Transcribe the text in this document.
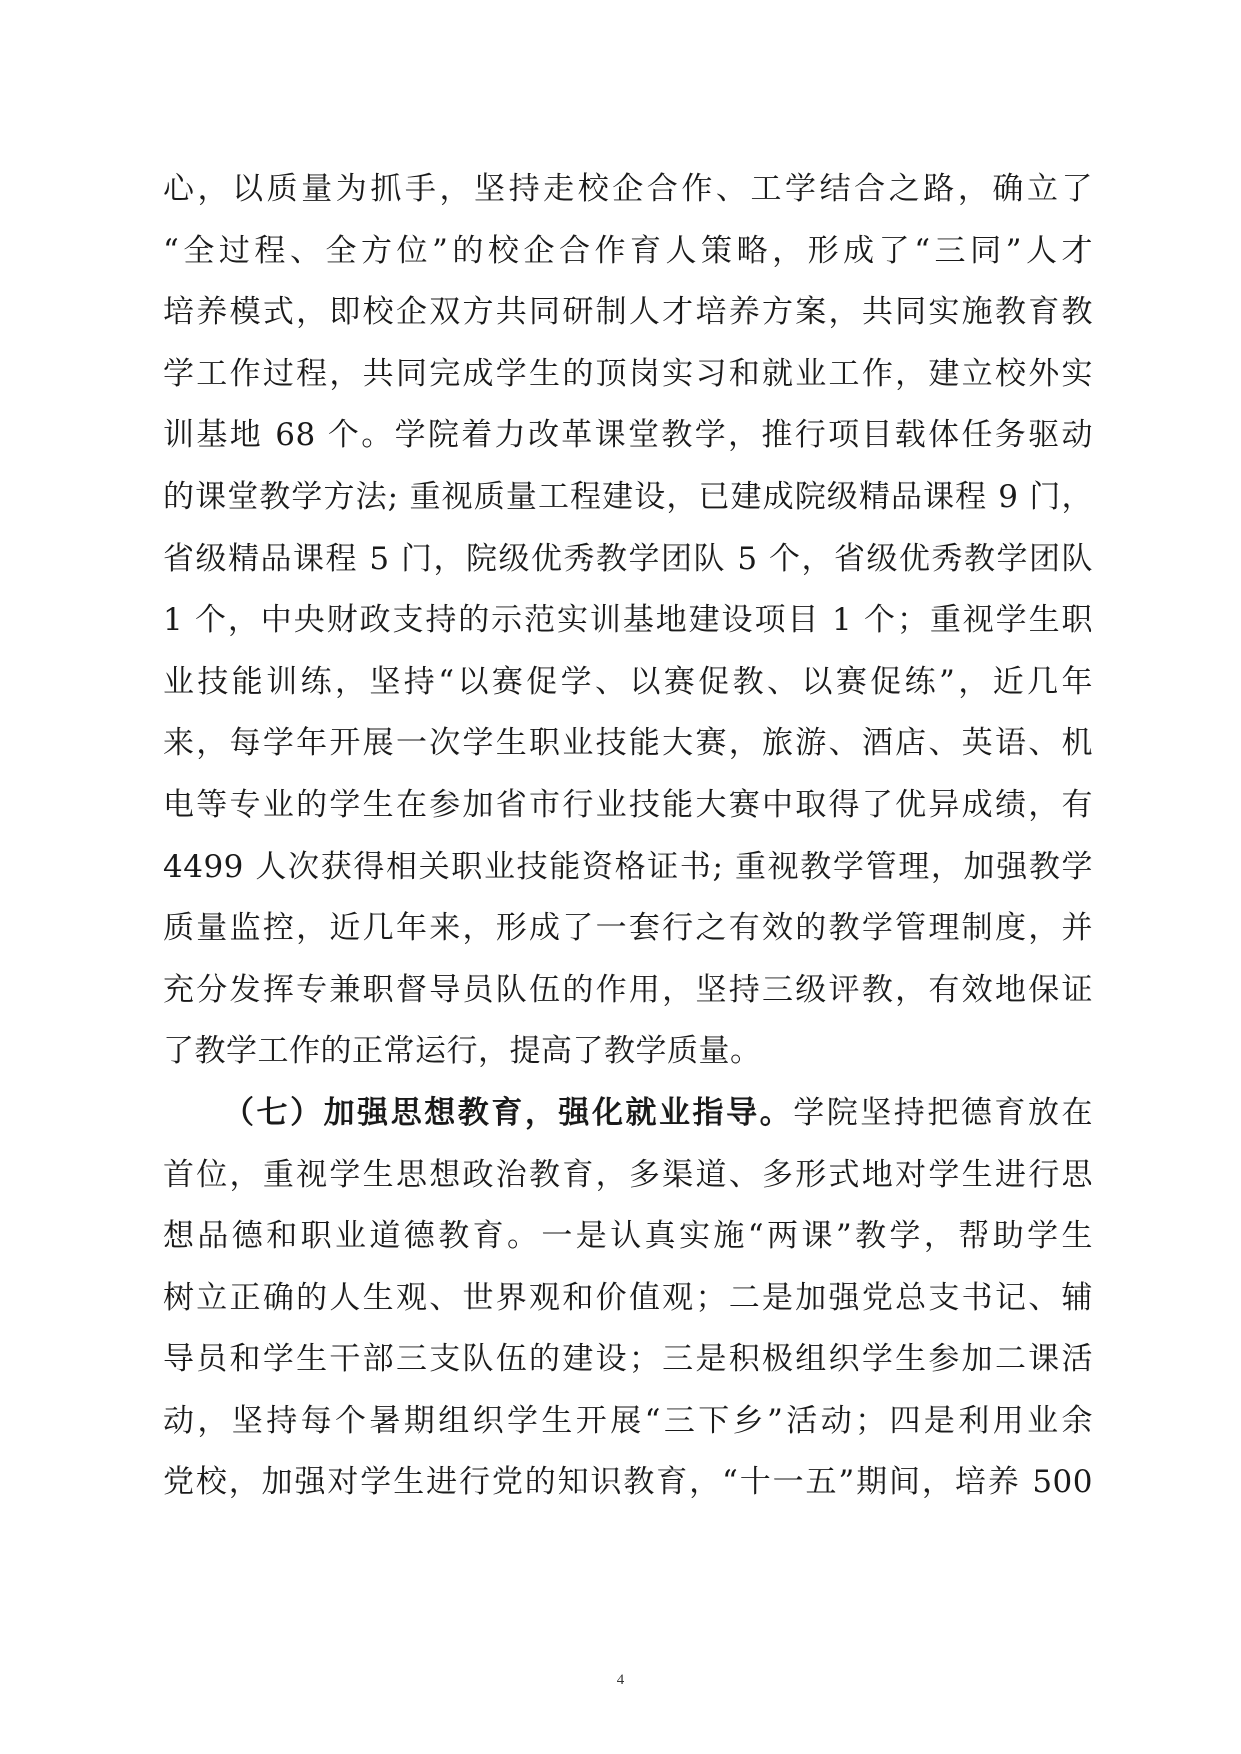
心，以质量为抓手，坚持走校企合作、工学结合之路，确立了
“全过程、全方位”的校企合作育人策略，形成了“三同”人才
培养模式，即校企双方共同研制人才培养方案，共同实施教育教
学工作过程，共同完成学生的顶岗实习和就业工作，建立校外实
训基地 68 个。学院着力改革课堂教学，推行项目载体任务驱动
的课堂教学方法; 重视质量工程建设，已建成院级精品课程 9 门，
省级精品课程 5 门，院级优秀教学团队 5 个，省级优秀教学团队
1 个，中央财政支持的示范实训基地建设项目 1 个；重视学生职
业技能训练，坚持“以赛促学、以赛促教、以赛促练”，近几年
来，每学年开展一次学生职业技能大赛，旅游、酒店、英语、机
电等专业的学生在参加省市行业技能大赛中取得了优异成绩，有
4499 人次获得相关职业技能资格证书; 重视教学管理，加强教学
质量监控，近几年来，形成了一套行之有效的教学管理制度，并
充分发挥专兼职督导员队伍的作用，坚持三级评教，有效地保证
了教学工作的正常运行，提高了教学质量。
（七）加强思想教育，强化就业指导。学院坚持把德育放在
首位，重视学生思想政治教育，多渠道、多形式地对学生进行思
想品德和职业道德教育。一是认真实施“两课”教学，帮助学生
树立正确的人生观、世界观和价值观；二是加强党总支书记、辅
导员和学生干部三支队伍的建设；三是积极组织学生参加二课活
动，坚持每个暑期组织学生开展“三下乡”活动；四是利用业余
党校，加强对学生进行党的知识教育，“十一五”期间，培养 500
4
